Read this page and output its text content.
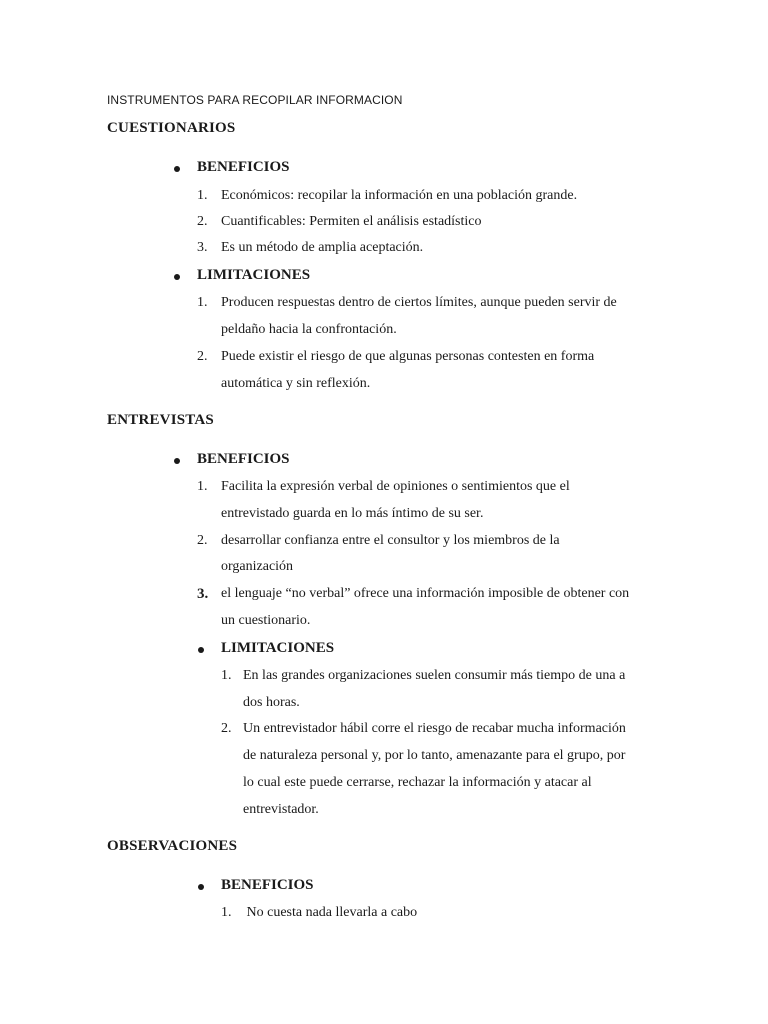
INSTRUMENTOS PARA RECOPILAR INFORMACION
CUESTIONARIOS
BENEFICIOS
1. Económicos: recopilar la información en una población grande.
2. Cuantificables: Permiten el análisis estadístico
3. Es un método de amplia aceptación.
LIMITACIONES
1. Producen respuestas dentro de ciertos límites, aunque pueden servir de
peldaño hacia la confrontación.
2. Puede existir el riesgo de que algunas personas contesten en forma
automática y sin reflexión.
ENTREVISTAS
BENEFICIOS
1. Facilita la expresión verbal de opiniones o sentimientos que el
entrevistado guarda en lo más íntimo de su ser.
2. desarrollar confianza entre el consultor y los miembros de la
organización
3. el lenguaje “no verbal” ofrece una información imposible de obtener con
un cuestionario.
LIMITACIONES
1. En las grandes organizaciones suelen consumir más tiempo de una a
dos horas.
2. Un entrevistador hábil corre el riesgo de recabar mucha información
de naturaleza personal y, por lo tanto, amenazante para el grupo, por
lo cual este puede cerrarse, rechazar la información y atacar al
entrevistador.
OBSERVACIONES
BENEFICIOS
1. No cuesta nada llevarla a cabo
